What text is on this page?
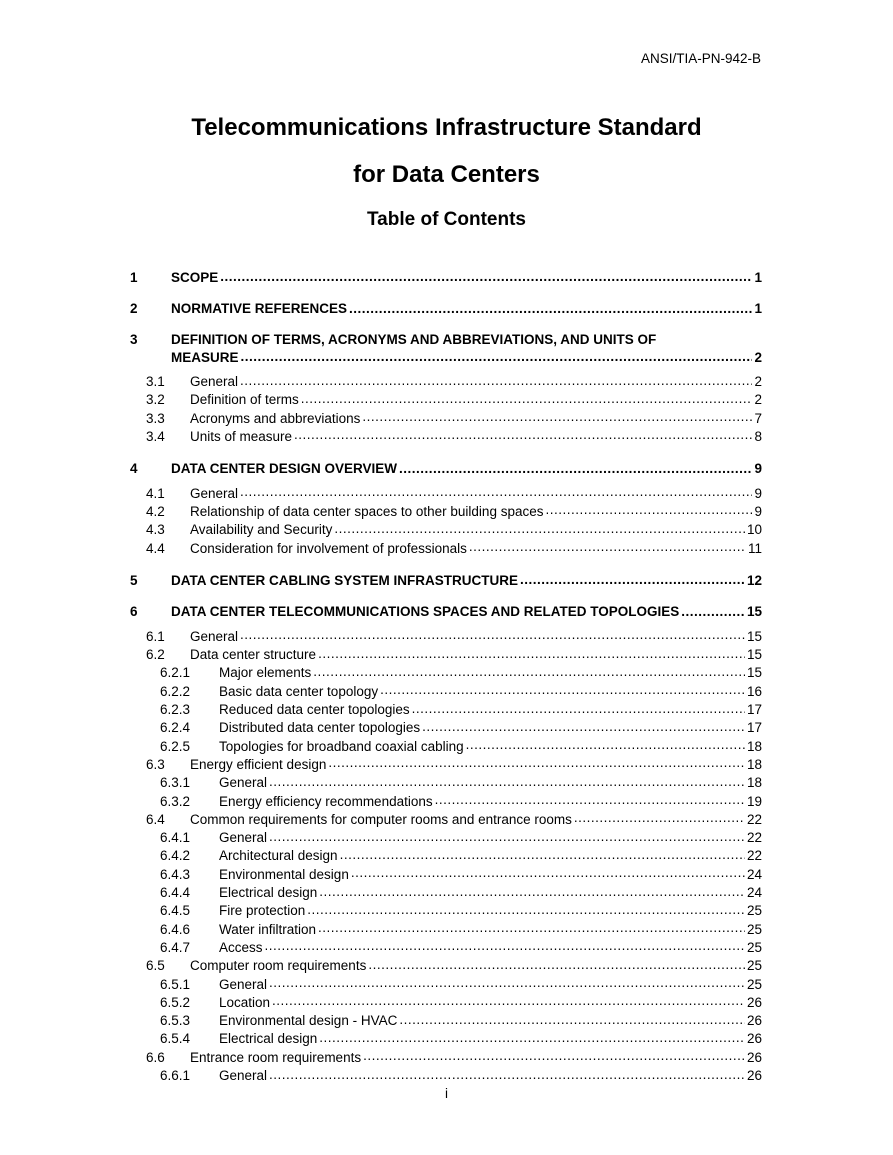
ANSI/TIA-PN-942-B
Telecommunications Infrastructure Standard
for Data Centers
Table of Contents
1	SCOPE .....	1
2	NORMATIVE REFERENCES .....	1
3	DEFINITION OF TERMS, ACRONYMS AND ABBREVIATIONS, AND UNITS OF
MEASURE .....	2
3.1	General .....	2
3.2	Definition of terms .....	2
3.3	Acronyms and abbreviations .....	7
3.4	Units of measure .....	8
4	DATA CENTER DESIGN OVERVIEW .....	9
4.1	General .....	9
4.2	Relationship of data center spaces to other building spaces .....	9
4.3	Availability and Security .....	10
4.4	Consideration for involvement of professionals .....	11
5	DATA CENTER CABLING SYSTEM INFRASTRUCTURE .....	12
6	DATA CENTER TELECOMMUNICATIONS SPACES AND RELATED TOPOLOGIES .....	15
6.1	General .....	15
6.2	Data center structure .....	15
6.2.1	Major elements .....	15
6.2.2	Basic data center topology .....	16
6.2.3	Reduced data center topologies .....	17
6.2.4	Distributed data center topologies .....	17
6.2.5	Topologies for broadband coaxial cabling .....	18
6.3	Energy efficient design .....	18
6.3.1	General .....	18
6.3.2	Energy efficiency recommendations .....	19
6.4	Common requirements for computer rooms and entrance rooms .....	22
6.4.1	General .....	22
6.4.2	Architectural design .....	22
6.4.3	Environmental design .....	24
6.4.4	Electrical design .....	24
6.4.5	Fire protection .....	25
6.4.6	Water infiltration .....	25
6.4.7	Access .....	25
6.5	Computer room requirements .....	25
6.5.1	General .....	25
6.5.2	Location .....	26
6.5.3	Environmental design - HVAC .....	26
6.5.4	Electrical design .....	26
6.6	Entrance room requirements .....	26
6.6.1	General .....	26
i
